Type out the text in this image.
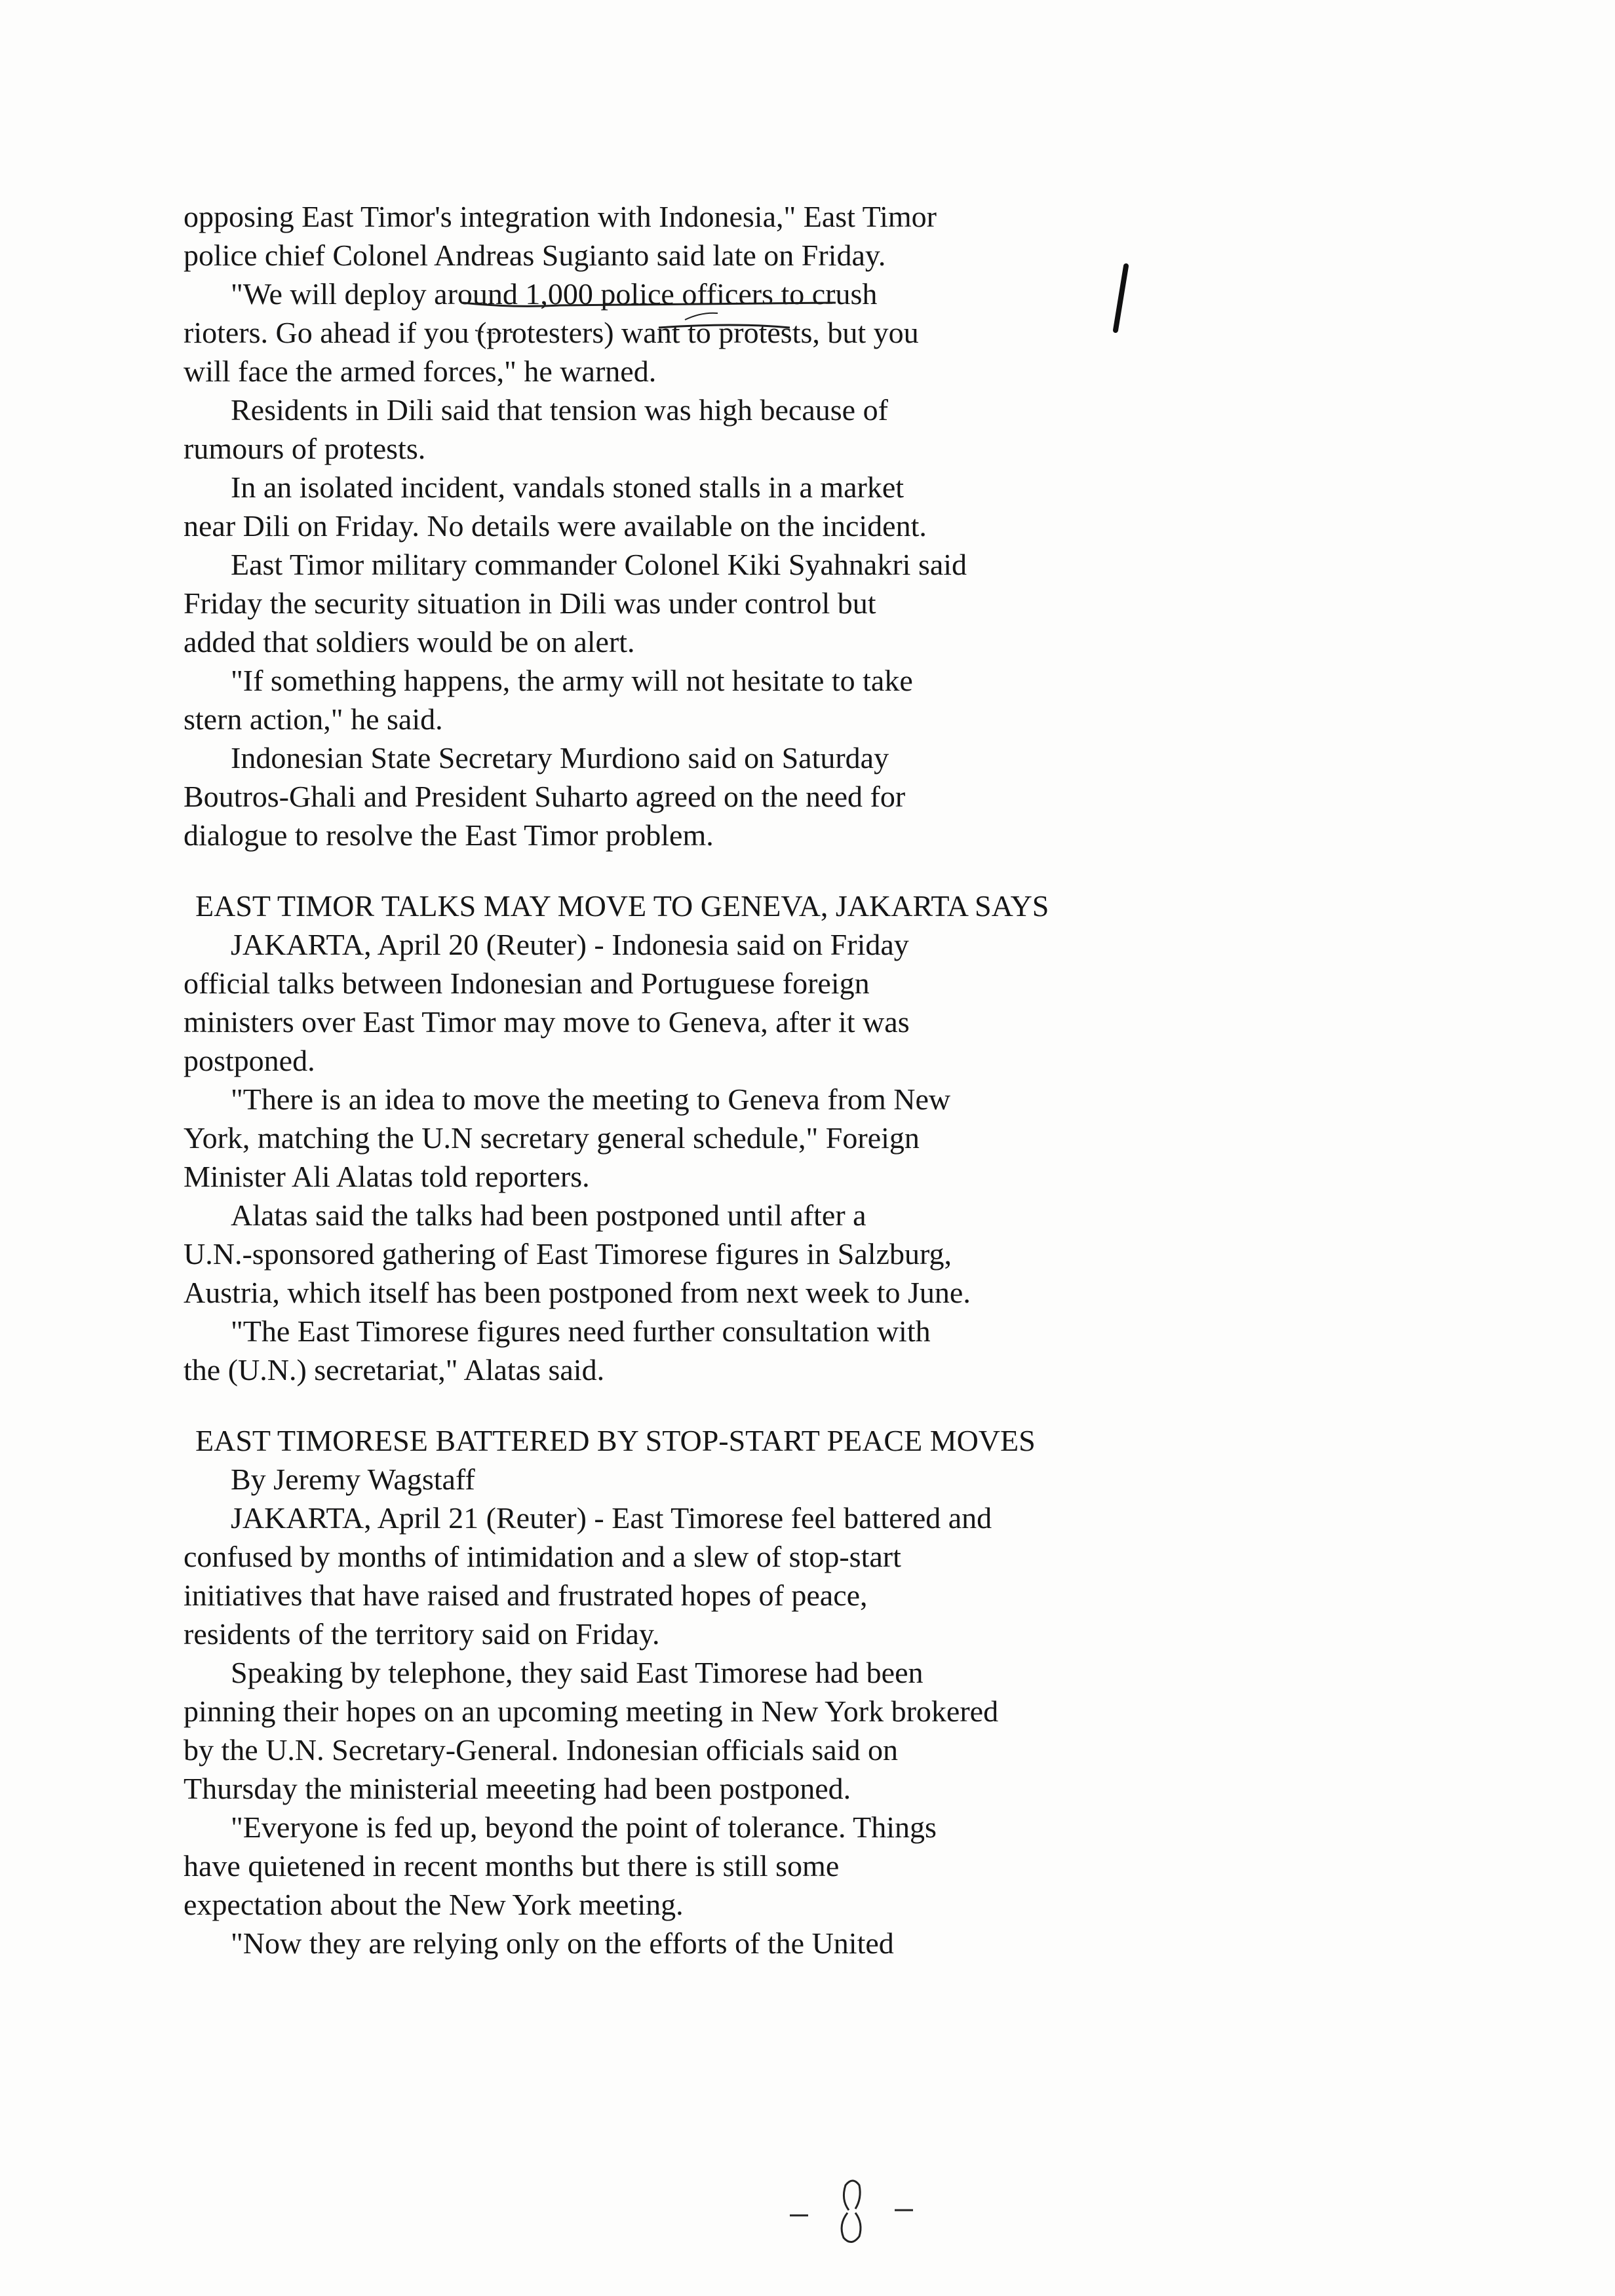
opposing East Timor's integration with Indonesia," East Timor
police chief Colonel Andreas Sugianto said late on Friday.
"We will deploy around 1,000 police officers to crush
rioters. Go ahead if you (protesters) want to protests, but you
will face the armed forces," he warned.
Residents in Dili said that tension was high because of
rumours of protests.
In an isolated incident, vandals stoned stalls in a market
near Dili on Friday. No details were available on the incident.
East Timor military commander Colonel Kiki Syahnakri said
Friday the security situation in Dili was under control but
added that soldiers would be on alert.
"If something happens, the army will not hesitate to take
stern action," he said.
Indonesian State Secretary Murdiono said on Saturday
Boutros-Ghali and President Suharto agreed on the need for
dialogue to resolve the East Timor problem.
EAST TIMOR TALKS MAY MOVE TO GENEVA, JAKARTA SAYS
JAKARTA, April 20 (Reuter) - Indonesia said on Friday
official talks between Indonesian and Portuguese foreign
ministers over East Timor may move to Geneva, after it was
postponed.
"There is an idea to move the meeting to Geneva from New
York, matching the U.N secretary general schedule," Foreign
Minister Ali Alatas told reporters.
Alatas said the talks had been postponed until after a
U.N.-sponsored gathering of East Timorese figures in Salzburg,
Austria, which itself has been postponed from next week to June.
"The East Timorese figures need further consultation with
the (U.N.) secretariat," Alatas said.
EAST TIMORESE BATTERED BY STOP-START PEACE MOVES
By Jeremy Wagstaff
JAKARTA, April 21 (Reuter) - East Timorese feel battered and
confused by months of intimidation and a slew of stop-start
initiatives that have raised and frustrated hopes of peace,
residents of the territory said on Friday.
Speaking by telephone, they said East Timorese had been
pinning their hopes on an upcoming meeting in New York brokered
by the U.N. Secretary-General. Indonesian officials said on
Thursday the ministerial meeeting had been postponed.
"Everyone is fed up, beyond the point of tolerance. Things
have quietened in recent months but there is still some
expectation about the New York meeting.
"Now they are relying only on the efforts of the United
